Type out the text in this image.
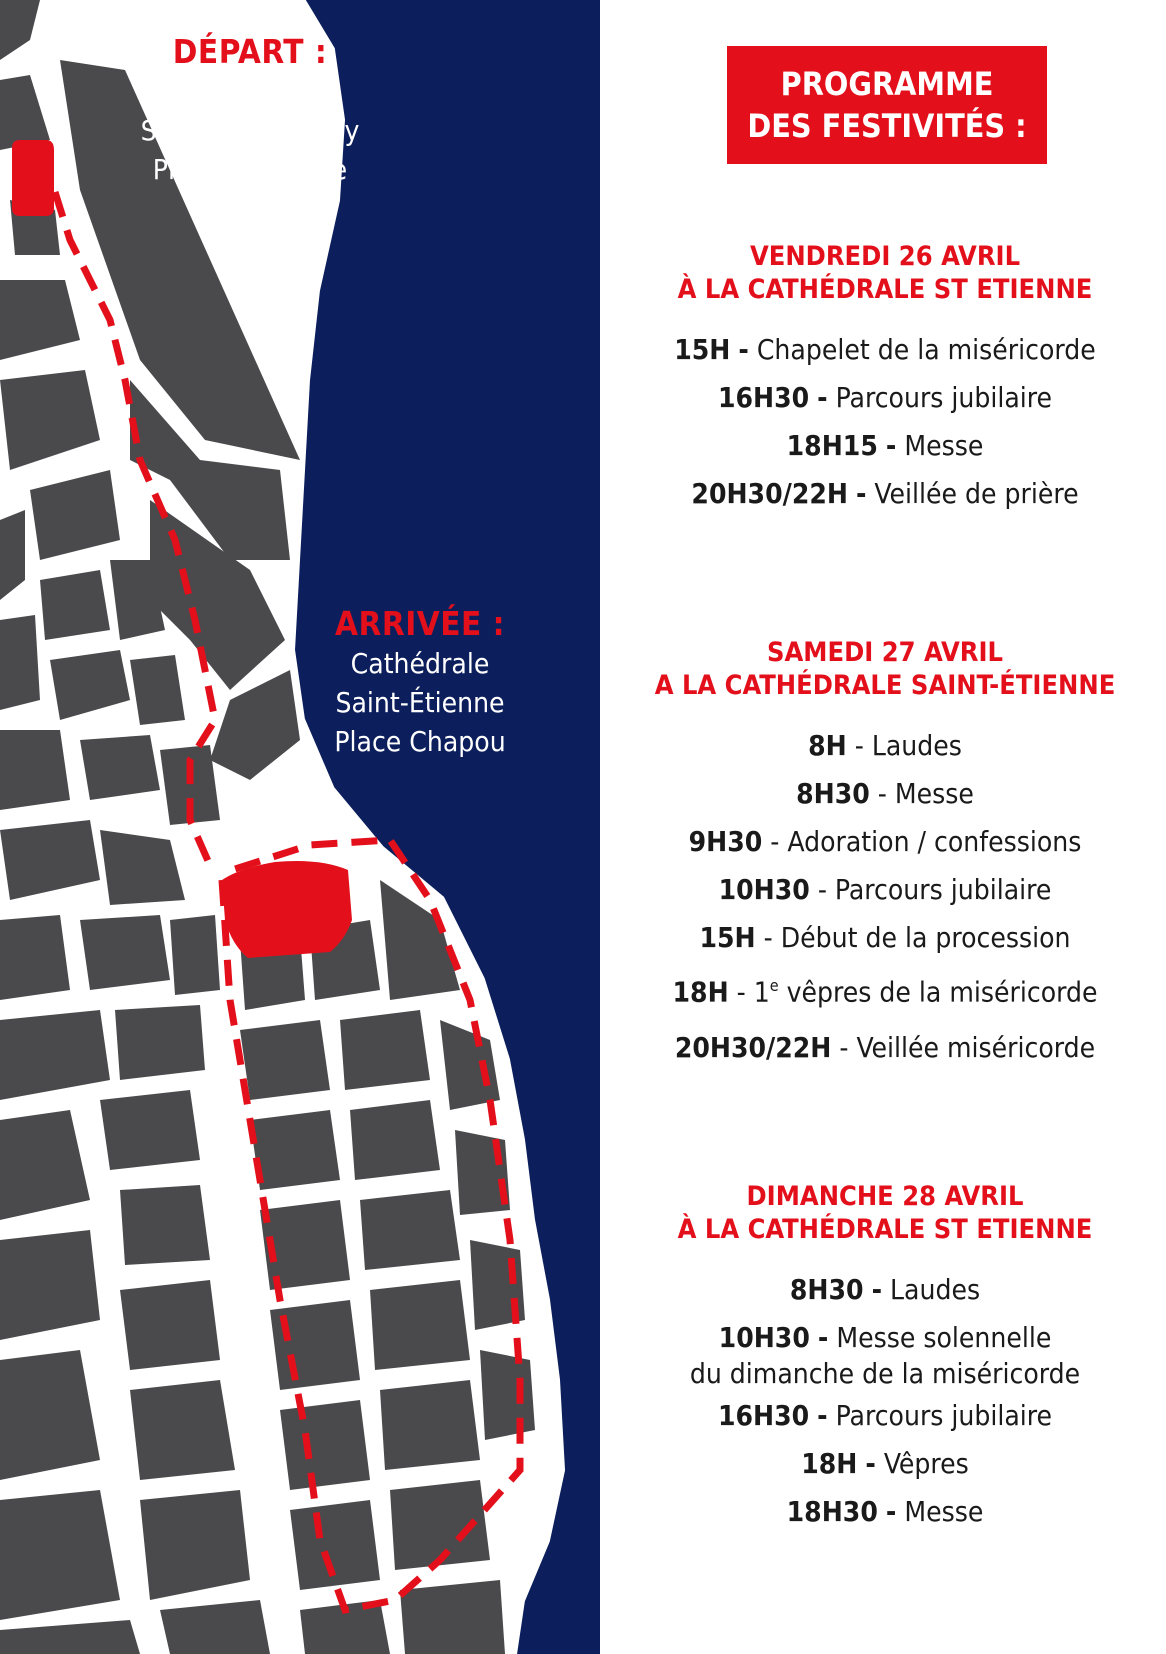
DÉPART :
Eglise
Saint-Barthélémy
Place Lafayette
ARRIVÉE :
Cathédrale
Saint-Étienne
Place Chapou
PROGRAMME
DES FESTIVITÉS :
VENDREDI 26 AVRIL
À LA CATHÉDRALE ST ETIENNE
15H - Chapelet de la miséricorde
16H30 - Parcours jubilaire
18H15 - Messe
20H30/22H - Veillée de prière
SAMEDI 27 AVRIL
A LA CATHÉDRALE SAINT-ÉTIENNE
8H - Laudes
8H30 - Messe
9H30 - Adoration / confessions
10H30 - Parcours jubilaire
15H - Début de la procession
18H - 1e vêpres de la miséricorde
20H30/22H - Veillée miséricorde
DIMANCHE 28 AVRIL
À LA CATHÉDRALE ST ETIENNE
8H30 - Laudes
10H30 - Messe solennelle
du dimanche de la miséricorde
16H30 - Parcours jubilaire
18H - Vêpres
18H30 - Messe
